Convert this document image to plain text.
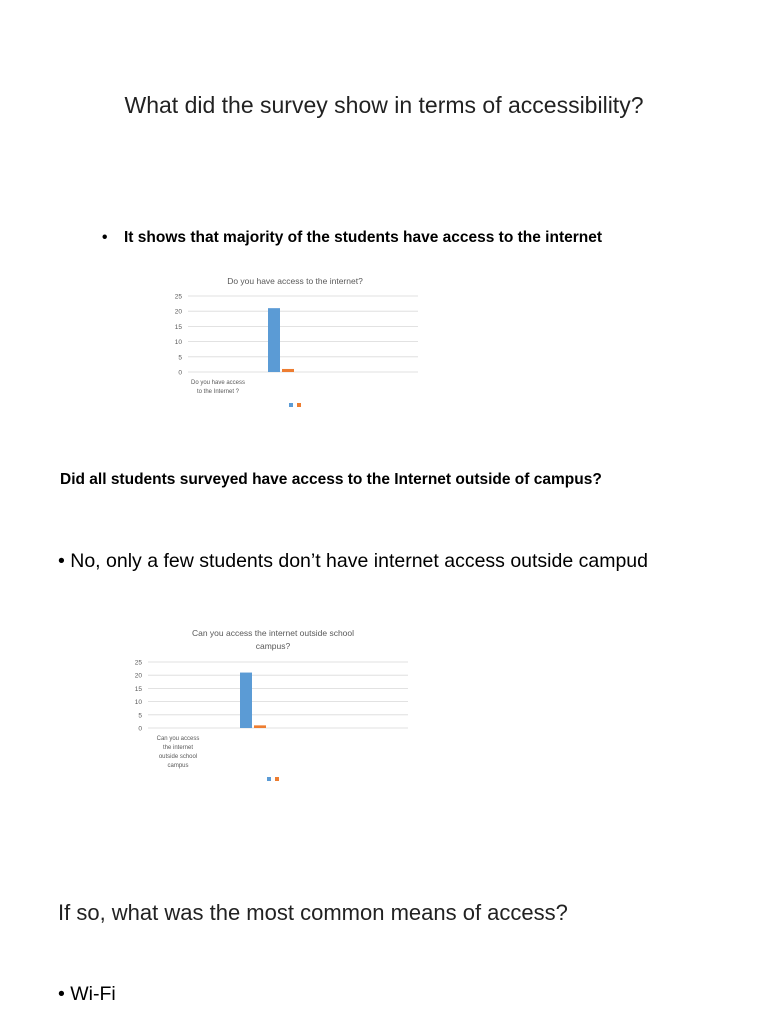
What did the survey show in terms of accessibility?
• It shows that majority of the students have access to the internet
Do you have access to the internet?
0
5
10
15
20
25
Do you have access
to the Internet ?
Did all students surveyed have access to the Internet outside of campus?
• No, only a few students don’t have internet access outside campud
Can you access the internet outside school
campus?
0
5
10
15
20
25
Can you access
the internet
outside school
campus
If so, what was the most common means of access?
• Wi-Fi
